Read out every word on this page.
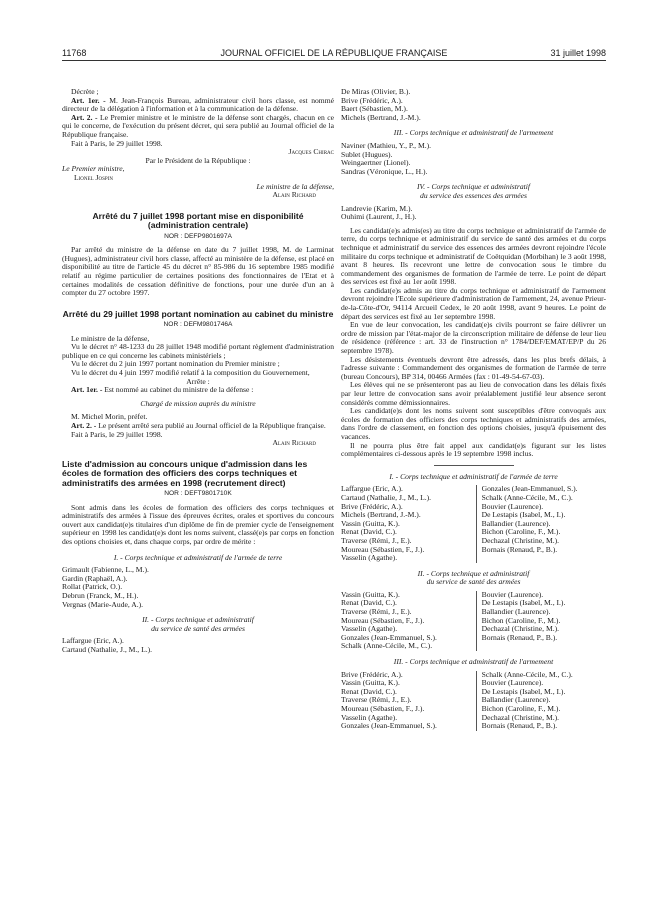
11768	JOURNAL OFFICIEL DE LA RÉPUBLIQUE FRANÇAISE	31 juillet 1998

Décrète ;

Art. 1er. - M. Jean-François Bureau, administrateur civil hors classe, est nommé directeur de la délégation à l'information et à la communication de la défense.

Art. 2. - Le Premier ministre et le ministre de la défense sont chargés, chacun en ce qui le concerne, de l'exécution du présent décret, qui sera publié au Journal officiel de la République française.

Fait à Paris, le 29 juillet 1998.

Jacques Chirac

Par le Président de la République :

Le Premier ministre,

Lionel Jospin

Le ministre de la défense,

Alain Richard

Arrêté du 7 juillet 1998 portant mise en disponibilité (administration centrale)

NOR : DEFP9801697A

Par arrêté du ministre de la défense en date du 7 juillet 1998, M. de Larminat (Hugues), administrateur civil hors classe, affecté au ministère de la défense, est placé en disponibilité au titre de l'article 45 du décret n° 85-986 du 16 septembre 1985 modifié relatif au régime particulier de certaines positions des fonctionnaires de l'Etat et à certaines modalités de cessation définitive de fonctions, pour une durée d'un an à compter du 27 octobre 1997.

Arrêté du 29 juillet 1998 portant nomination au cabinet du ministre

NOR : DEFM9801746A

Le ministre de la défense,

Vu le décret n° 48-1233 du 28 juillet 1948 modifié portant règlement d'administration publique en ce qui concerne les cabinets ministériels ;

Vu le décret du 2 juin 1997 portant nomination du Premier ministre ;

Vu le décret du 4 juin 1997 modifié relatif à la composition du Gouvernement,

Arrête :

Art. 1er. - Est nommé au cabinet du ministre de la défense :

Chargé de mission auprès du ministre

M. Michel Morin, préfet.

Art. 2. - Le présent arrêté sera publié au Journal officiel de la République française.

Fait à Paris, le 29 juillet 1998.

Alain Richard

Liste d'admission au concours unique d'admission dans les écoles de formation des officiers des corps techniques et administratifs des armées en 1998 (recrutement direct)

NOR : DEFT9801710K

Sont admis dans les écoles de formation des officiers des corps techniques et administratifs des armées à l'issue des épreuves écrites, orales et sportives du concours ouvert aux candidat(e)s titulaires d'un diplôme de fin de premier cycle de l'enseignement supérieur en 1998 les candidat(e)s dont les noms suivent, classé(e)s par corps en fonction des options choisies et, dans chaque corps, par ordre de mérite :

I. - Corps technique et administratif de l'armée de terre

Grimault (Fabienne, L., M.).

Gardin (Raphaël, A.).

Rollat (Patrick, O.).

Debrun (Franck, M., H.).

Vergnas (Marie-Aude, A.).

II. - Corps technique et administratif

du service de santé des armées

Laffargue (Eric, A.).

Cartaud (Nathalie, J., M., L.).

De Miras (Olivier, B.).

Brive (Frédéric, A.).

Baert (Sébastien, M.).

Michels (Bertrand, J.-M.).

III. - Corps technique et administratif de l'armement

Naviner (Mathieu, Y., P., M.).

Sublet (Hugues).

Weingaertner (Lionel).

Sandras (Véronique, L., H.).

IV. - Corps technique et administratif

du service des essences des armées

Landrevie (Karim, M.).

Ouhimi (Laurent, J., H.).

Les candidat(e)s admis(es) au titre du corps technique et administratif de l'armée de terre, du corps technique et administratif du service de santé des armées et du corps technique et administratif du service des essences des armées devront rejoindre l'école militaire du corps technique et administratif de Coëtquidan (Morbihan) le 3 août 1998, avant 8 heures. Ils recevront une lettre de convocation sous le timbre du commandement des organismes de formation de l'armée de terre. Le point de départ des services est fixé au 1er août 1998.

Les candidat(e)s admis au titre du corps technique et administratif de l'armement devront rejoindre l'Ecole supérieure d'administration de l'armement, 24, avenue Prieur-de-la-Côte-d'Or, 94114 Arcueil Cedex, le 20 août 1998, avant 9 heures. Le point de départ des services est fixé au 1er septembre 1998.

En vue de leur convocation, les candidat(e)s civils pourront se faire délivrer un ordre de mission par l'état-major de la circonscription militaire de défense de leur lieu de résidence (référence : art. 33 de l'instruction n° 1784/DEF/EMAT/EP/P du 26 septembre 1978).

Les désistements éventuels devront être adressés, dans les plus brefs délais, à l'adresse suivante : Commandement des organismes de formation de l'armée de terre (bureau Concours), BP 314, 00466 Armées (fax : 01-49-54-67-03).

Les élèves qui ne se présenteront pas au lieu de convocation dans les délais fixés par leur lettre de convocation sans avoir préalablement justifié leur absence seront considérés comme démissionnaires.

Les candidat(e)s dont les noms suivent sont susceptibles d'être convoqués aux écoles de formation des officiers des corps techniques et administratifs des armées, dans l'ordre de classement, en fonction des options choisies, jusqu'à épuisement des vacances.

Il ne pourra plus être fait appel aux candidat(e)s figurant sur les listes complémentaires ci-dessous après le 19 septembre 1998 inclus.

I. - Corps technique et administratif de l'armée de terre

Laffargue (Eric, A.).
Cartaud (Nathalie, J., M., L.).
Brive (Frédéric, A.).
Michels (Bertrand, J.-M.).
Vassin (Guitta, K.).
Renat (David, C.).
Traverse (Rémi, J., E.).
Moureau (Sébastien, F., J.).
Vasselin (Agathe).

Gonzales (Jean-Emmanuel, S.).
Schalk (Anne-Cécile, M., C.).
Bouvier (Laurence).
De Lestapis (Isabel, M., I.).
Ballandier (Laurence).
Bichon (Caroline, F., M.).
Dechazal (Christine, M.).
Bornais (Renaud, P., B.).

II. - Corps technique et administratif

du service de santé des armées

Vassin (Guitta, K.).
Renat (David, C.).
Traverse (Rémi, J., E.).
Moureau (Sébastien, F., J.).
Vasselin (Agathe).
Gonzales (Jean-Emmanuel, S.).
Schalk (Anne-Cécile, M., C.).

Bouvier (Laurence).
De Lestapis (Isabel, M., I.).
Ballandier (Laurence).
Bichon (Caroline, F., M.).
Dechazal (Christine, M.).
Bornais (Renaud, P., B.).

III. - Corps technique et administratif de l'armement

Brive (Frédéric, A.).
Vassin (Guitta, K.).
Renat (David, C.).
Traverse (Rémi, J., E.).
Moureau (Sébastien, F., J.).
Vasselin (Agathe).
Gonzales (Jean-Emmanuel, S.).

Schalk (Anne-Cécile, M., C.).
Bouvier (Laurence).
De Lestapis (Isabel, M., I.).
Ballandier (Laurence).
Bichon (Caroline, F., M.).
Dechazal (Christine, M.).
Bornais (Renaud, P., B.).
